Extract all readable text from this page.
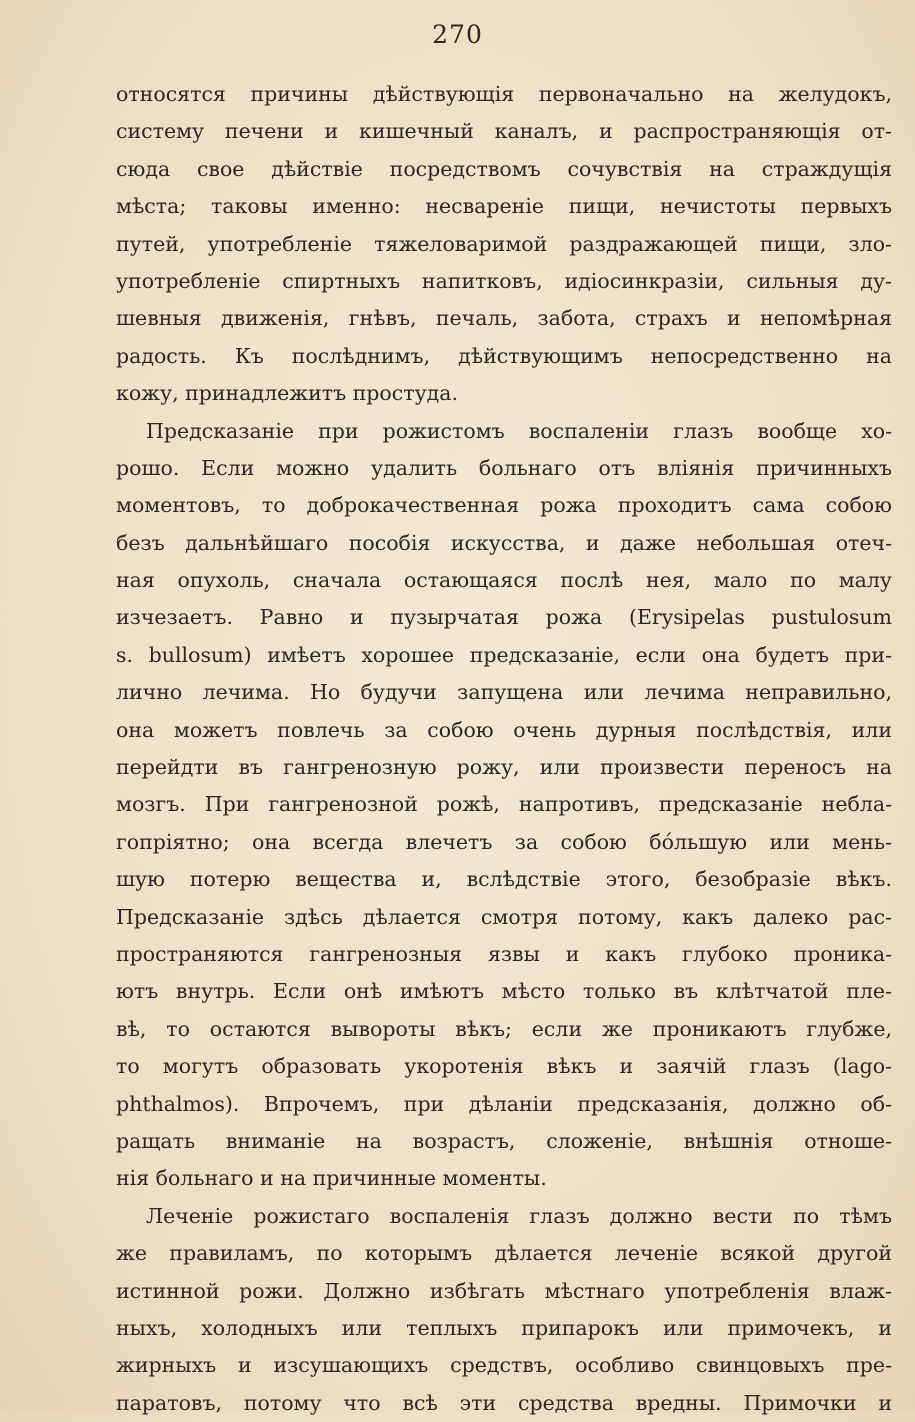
270
относятся причины дѣйствующія первоначально на желудокъ,
систему печени и кишечный каналъ, и распространяющія от-
сюда свое дѣйствіе посредствомъ сочувствія на страждущія
мѣста; таковы именно: несвареніе пищи, нечистоты первыхъ
путей, употребленіе тяжеловаримой раздражающей пищи, зло-
употребленіе спиртныхъ напитковъ, идіосинкразіи, сильныя ду-
шевныя движенія, гнѣвъ, печаль, забота, страхъ и непомѣрная
радость. Къ послѣднимъ, дѣйствующимъ непосредственно на
кожу, принадлежитъ простуда.
Предсказаніе при рожистомъ воспаленіи глазъ вообще хо-
рошо. Если можно удалить больнаго отъ вліянія причинныхъ
моментовъ, то доброкачественная рожа проходитъ сама собою
безъ дальнѣйшаго пособія искусства, и даже небольшая отеч-
ная опухоль, сначала остающаяся послѣ нея, мало по малу
изчезаетъ. Равно и пузырчатая рожа (Erysipelas pustulosum
s. bullosum) имѣетъ хорошее предсказаніе, если она будетъ при-
лично лечима. Но будучи запущена или лечима неправильно,
она можетъ повлечь за собою очень дурныя послѣдствія, или
перейдти въ гангренозную рожу, или произвести переносъ на
мозгъ. При гангренозной рожѣ, напротивъ, предсказаніе небла-
гопріятно; она всегда влечетъ за собою бóльшую или мень-
шую потерю вещества и, вслѣдствіе этого, безобразіе вѣкъ.
Предсказаніе здѣсь дѣлается смотря потому, какъ далеко рас-
пространяются гангренозныя язвы и какъ глубоко проника-
ютъ внутрь. Если онѣ имѣютъ мѣсто только въ клѣтчатой пле-
вѣ, то остаются вывороты вѣкъ; если же проникаютъ глубже,
то могутъ образовать укоротенія вѣкъ и заячій глазъ (lago-
phthalmos). Впрочемъ, при дѣланіи предсказанія, должно об-
ращать вниманіе на возрастъ, сложеніе, внѣшнія отноше-
нія больнаго и на причинные моменты.
Леченіе рожистаго воспаленія глазъ должно вести по тѣмъ
же правиламъ, по которымъ дѣлается леченіе всякой другой
истинной рожи. Должно избѣгать мѣстнаго употребленія влаж-
ныхъ, холодныхъ или теплыхъ припарокъ или примочекъ, и
жирныхъ и изсушающихъ средствъ, особливо свинцовыхъ пре-
паратовъ, потому что всѣ эти средства вредны. Примочки и
